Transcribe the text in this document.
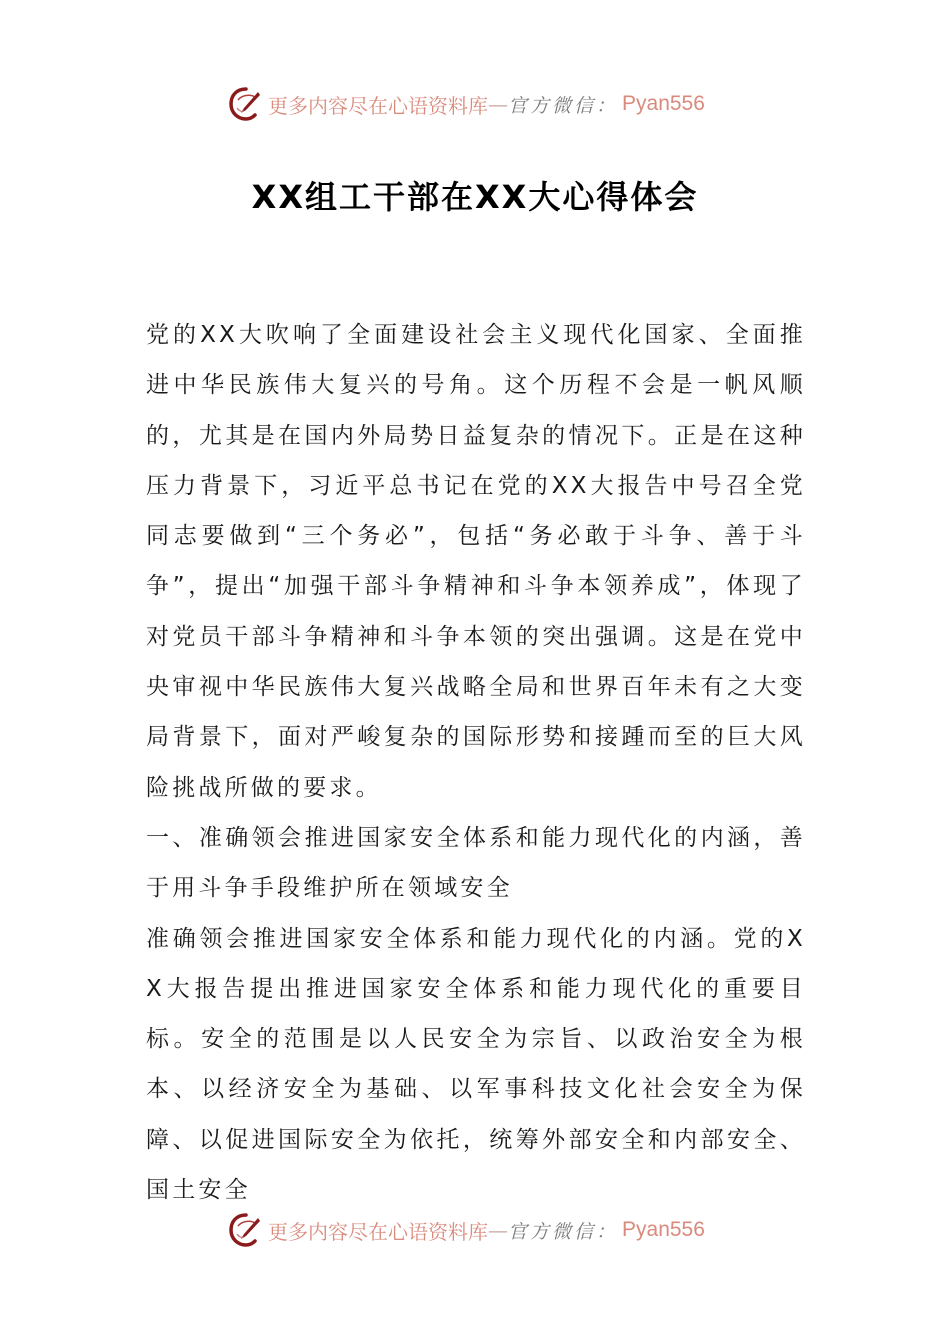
更多内容尽在心语资料库 — 官方微信： Pyan556
XX组工干部在XX大心得体会

党的XX大吹响了全面建设社会主义现代化国家、全面推进中华民族伟大复兴的号角。这个历程不会是一帆风顺的，尤其是在国内外局势日益复杂的情况下。正是在这种压力背景下，习近平总书记在党的XX大报告中号召全党同志要做到“三个务必”，包括“务必敢于斗争、善于斗争”，提出“加强干部斗争精神和斗争本领养成”，体现了对党员干部斗争精神和斗争本领的突出强调。这是在党中央审视中华民族伟大复兴战略全局和世界百年未有之大变局背景下，面对严峻复杂的国际形势和接踵而至的巨大风险挑战所做的要求。

一、准确领会推进国家安全体系和能力现代化的内涵，善于用斗争手段维护所在领域安全

准确领会推进国家安全体系和能力现代化的内涵。党的XX大报告提出推进国家安全体系和能力现代化的重要目标。安全的范围是以人民安全为宗旨、以政治安全为根本、以经济安全为基础、以军事科技文化社会安全为保障、以促进国际安全为依托，统筹外部安全和内部安全、国土安全

更多内容尽在心语资料库 — 官方微信： Pyan556
